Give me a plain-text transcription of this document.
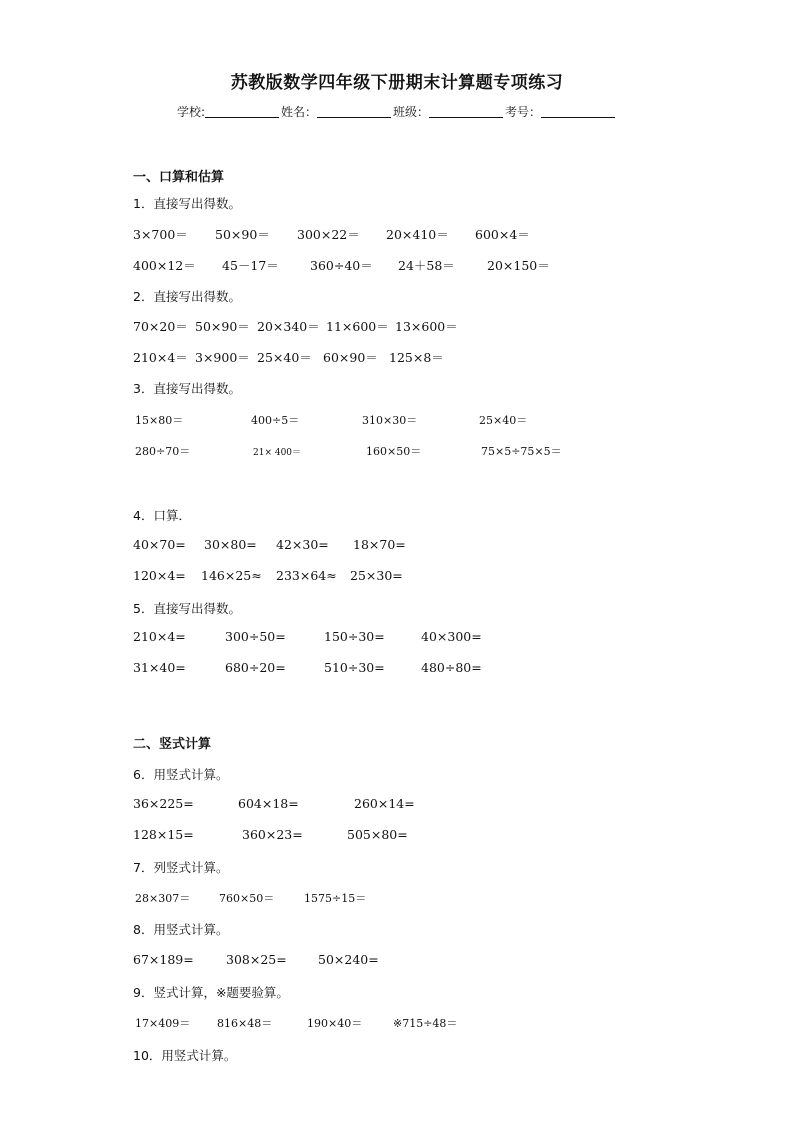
苏教版数学四年级下册期末计算题专项练习
学校:	姓名：	班级：	考号：
一、口算和估算
1．直接写出得数。
3×700＝ 50×90＝ 300×22＝ 20×410＝ 600×4＝
400×12＝ 45－17＝ 360÷40＝ 24＋58＝	20×150＝
2．直接写出得数。
70×20＝ 50×90＝ 20×340＝ 11×600＝ 13×600＝
210×4＝ 3×900＝ 25×40＝ 60×90＝ 125×8＝
3．直接写出得数。
15×80＝	400÷5＝	310×30＝	25×40＝
280÷70＝	21× 400＝	160×50＝	75×5÷75×5＝
4．口算．
40×70= 30×80= 42×30= 18×70=
120×4= 146×25≈ 233×64≈ 25×30=
5．直接写出得数。
210×4=	300÷50=	150÷30=	40×300=
31×40=	680÷20=	510÷30=	480÷80=
二、竖式计算
6．用竖式计算。
36×225=	604×18=	260×14=
128×15=	360×23=	505×80=
7．列竖式计算。
28×307＝	760×50＝	1575÷15＝
8．用竖式计算。
67×189=	308×25=	50×240=
9．竖式计算，※题要验算。
17×409＝ 816×48＝	190×40＝	※715÷48＝
10．用竖式计算。
